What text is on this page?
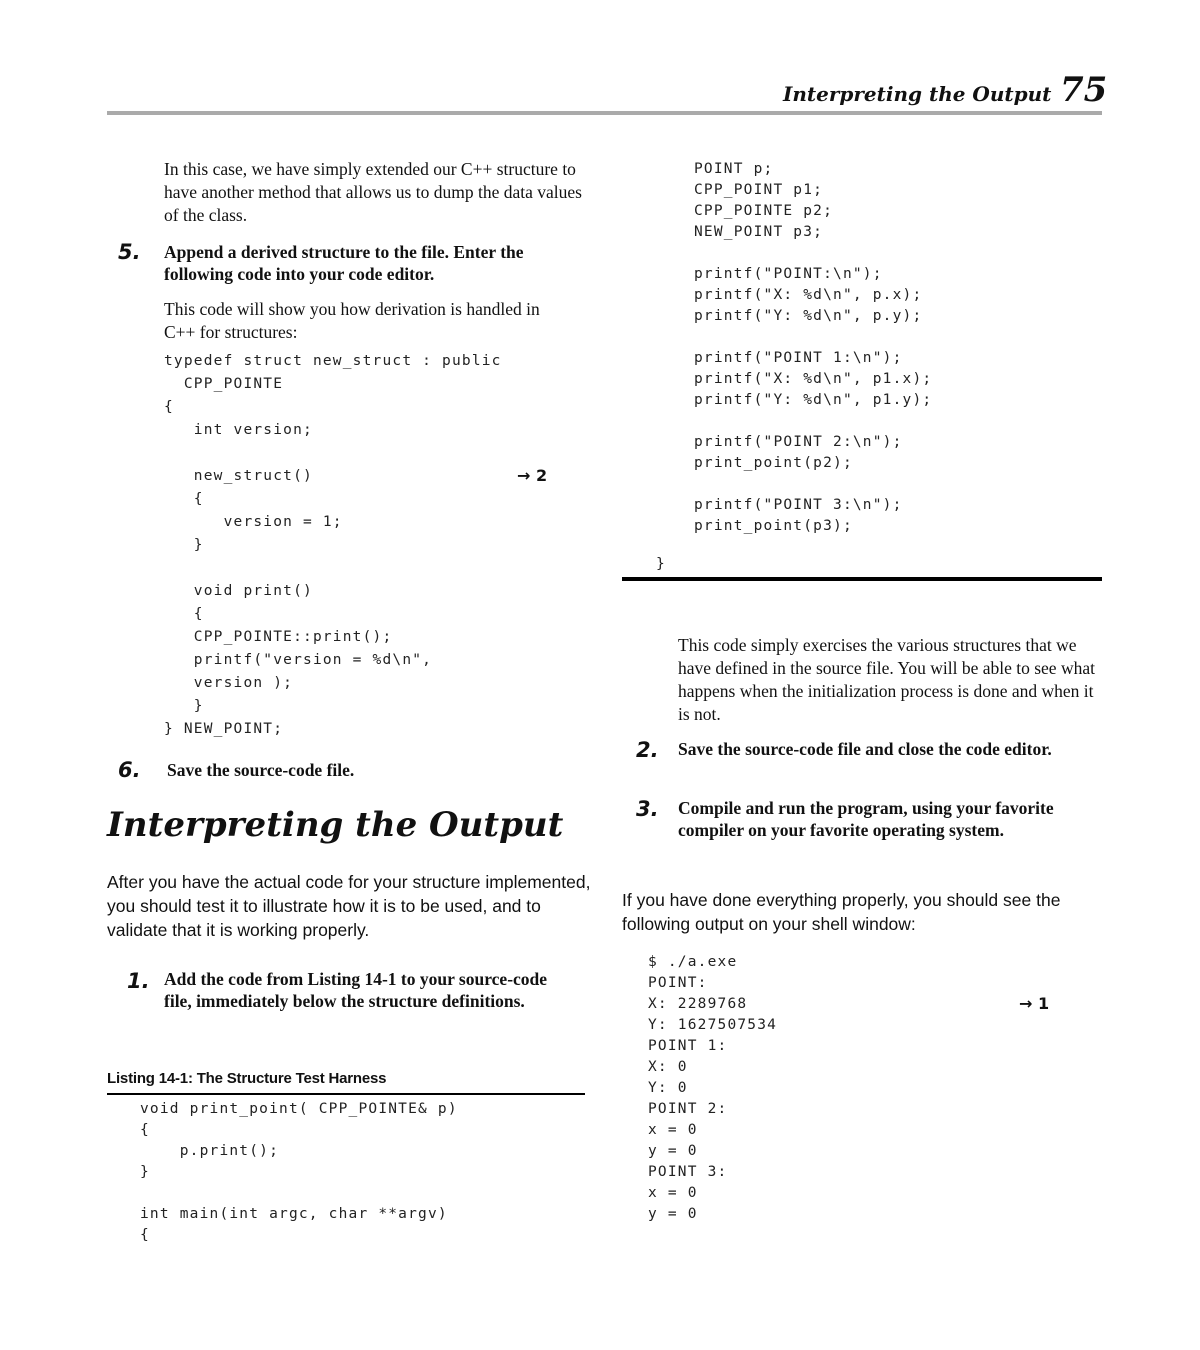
Interpreting the Output 75
In this case, we have simply extended our C++ structure to have another method that allows us to dump the data values of the class.
5. Append a derived structure to the file. Enter the following code into your code editor.
This code will show you how derivation is handled in C++ for structures:
typedef struct new_struct : public
CPP_POINTE
{
int version;

new_struct()
{
version = 1;
}

void print()
{
CPP_POINTE::print();
printf("version = %d\n",
version );
}
} NEW_POINT;
→ 2
6. Save the source-code file.
Interpreting the Output
After you have the actual code for your structure implemented, you should test it to illustrate how it is to be used, and to validate that it is working properly.
1. Add the code from Listing 14-1 to your source-code file, immediately below the structure definitions.
Listing 14-1: The Structure Test Harness
void print_point( CPP_POINTE& p)
{
p.print();
}

int main(int argc, char **argv)
{
POINT p;
CPP_POINT p1;
CPP_POINTE p2;
NEW_POINT p3;

printf("POINT:\n");
printf("X: %d\n", p.x);
printf("Y: %d\n", p.y);

printf("POINT 1:\n");
printf("X: %d\n", p1.x);
printf("Y: %d\n", p1.y);

printf("POINT 2:\n");
print_point(p2);

printf("POINT 3:\n");
print_point(p3);
}
This code simply exercises the various structures that we have defined in the source file. You will be able to see what happens when the initialization process is done and when it is not.
2. Save the source-code file and close the code editor.
3. Compile and run the program, using your favorite compiler on your favorite operating system.
If you have done everything properly, you should see the following output on your shell window:
$ ./a.exe
POINT:
X: 2289768
Y: 1627507534
POINT 1:
X: 0
Y: 0
POINT 2:
x = 0
y = 0
POINT 3:
x = 0
y = 0
→ 1
